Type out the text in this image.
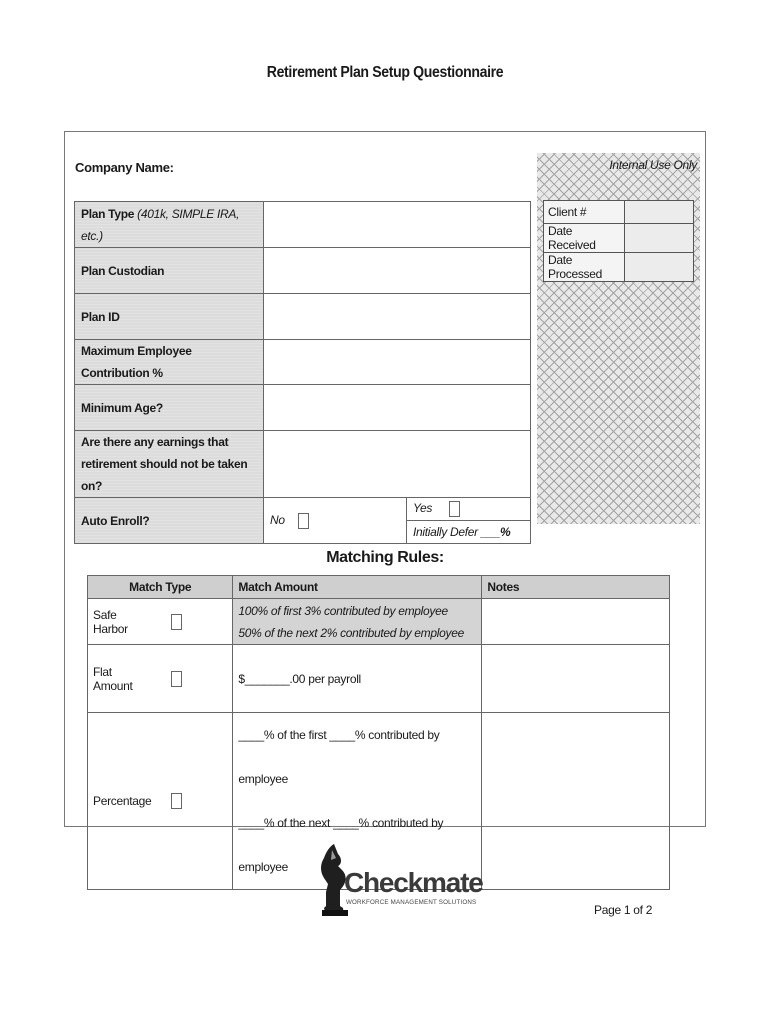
Retirement Plan Setup Questionnaire
Company Name:	Internal Use Only
Client #	
Date Received	
Date Processed	
Plan Type (401k, SIMPLE IRA, etc.)		
Plan Custodian		
Plan ID		
Maximum Employee Contribution %		
Minimum Age?		

Are there any earnings that
retirement should not be taken on?		

Auto Enroll?	No	Yes
		Initially Defer ___%
Matching Rules:
Match Type		Match Amount	Notes
Safe Harbor		100% of first 3% contributed by employee
50% of the next 2% contributed by employee	

Flat Amount		$_______.00 per payroll	
Percentage		____% of the first ____% contributed by employee
____% of the next ____% contributed by employee	
		Checkmate
WORKFORCE MANAGEMENT SOLUTIONS
Page 1 of 2
